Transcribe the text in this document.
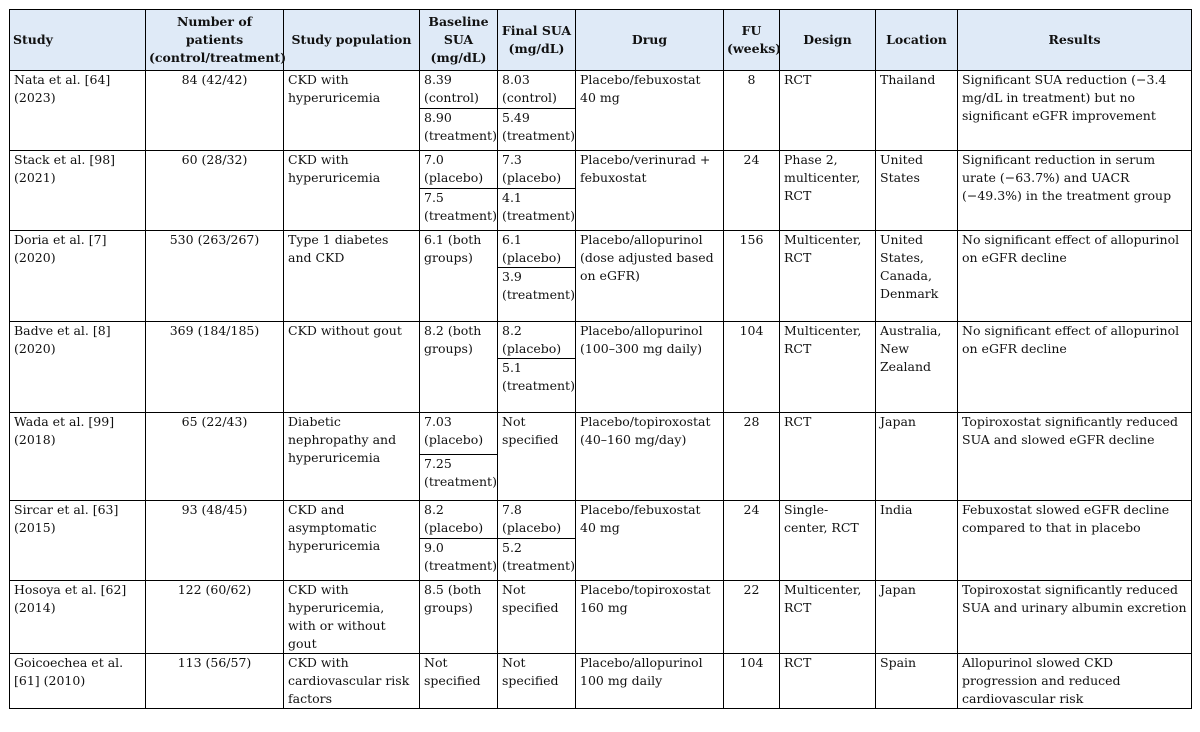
Study	Number of patients (control/treatment)	Study population	Baseline SUA (mg/dL)	Final SUA (mg/dL)	Drug	FU (weeks)	Design	Location	Results
Nata et al. [64] (2023)	84 (42/42)	CKD with hyperuricemia	8.39 (control)	8.03 (control)	Placebo/febuxostat 40 mg	8	RCT	Thailand	Significant SUA reduction (−3.4 mg/dL in treatment) but no significant eGFR improvement
			8.90 (treatment)	5.49 (treatment)					
Stack et al. [98] (2021)	60 (28/32)	CKD with hyperuricemia	7.0 (placebo)	7.3 (placebo)	Placebo/verinurad + febuxostat	24	Phase 2, multicenter, RCT	United States	Significant reduction in serum urate (−63.7%) and UACR (−49.3%) in the treatment group
			7.5 (treatment)	4.1 (treatment)					
Doria et al. [7] (2020)	530 (263/267)	Type 1 diabetes and CKD	6.1 (both groups)	6.1 (placebo)	Placebo/allopurinol (dose adjusted based on eGFR)	156	Multicenter, RCT	United States, Canada, Denmark	No significant effect of allopurinol on eGFR decline
				3.9 (treatment)					
Badve et al. [8] (2020)	369 (184/185)	CKD without gout	8.2 (both groups)	8.2 (placebo)	Placebo/allopurinol (100–300 mg daily)	104	Multicenter, RCT	Australia, New Zealand	No significant effect of allopurinol on eGFR decline
				5.1 (treatment)					
Wada et al. [99] (2018)	65 (22/43)	Diabetic nephropathy and hyperuricemia	7.03 (placebo)	Not specified	Placebo/topiroxostat (40–160 mg/day)	28	RCT	Japan	Topiroxostat significantly reduced SUA and slowed eGFR decline
			7.25 (treatment)						
Sircar et al. [63] (2015)	93 (48/45)	CKD and asymptomatic hyperuricemia	8.2 (placebo)	7.8 (placebo)	Placebo/febuxostat 40 mg	24	Single-center, RCT	India	Febuxostat slowed eGFR decline compared to that in placebo
			9.0 (treatment)	5.2 (treatment)					
Hosoya et al. [62] (2014)	122 (60/62)	CKD with hyperuricemia, with or without gout	8.5 (both groups)	Not specified	Placebo/topiroxostat 160 mg	22	Multicenter, RCT	Japan	Topiroxostat significantly reduced SUA and urinary albumin excretion
Goicoechea et al. [61] (2010)	113 (56/57)	CKD with cardiovascular risk factors	Not specified	Not specified	Placebo/allopurinol 100 mg daily	104	RCT	Spain	Allopurinol slowed CKD progression and reduced cardiovascular risk
